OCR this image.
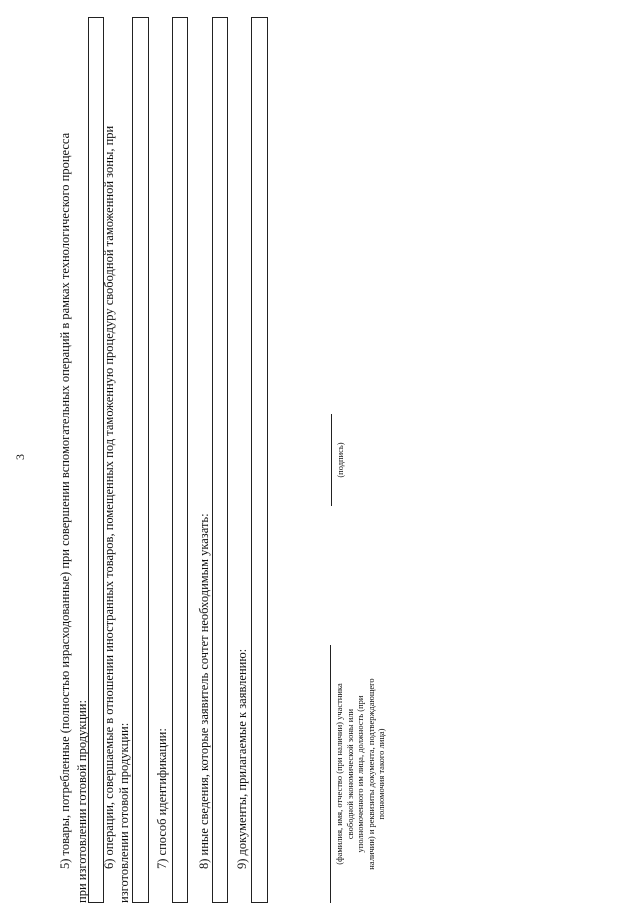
3 5) товары, потребленные (полностью израсходованные) при совершении вспомогательных операций в рамках технологического процесса при изготовлении готовой продукции: 6) операции, совершаемые в отношении иностранных товаров, помещенных под таможенную процедуру свободной таможенной зоны, при изготовлении готовой продукции: 7) способ идентификации: 8) иные сведения, которые заявитель сочтет необходимым указать: 9) документы, прилагаемые к заявлению:	(фамилия, имя, отчество (при наличии) участника свободной экономической зоны или уполномоченного им лица, должность (при наличии) и реквизиты документа, подтверждающего полномочия такого лица)
(подпись)
